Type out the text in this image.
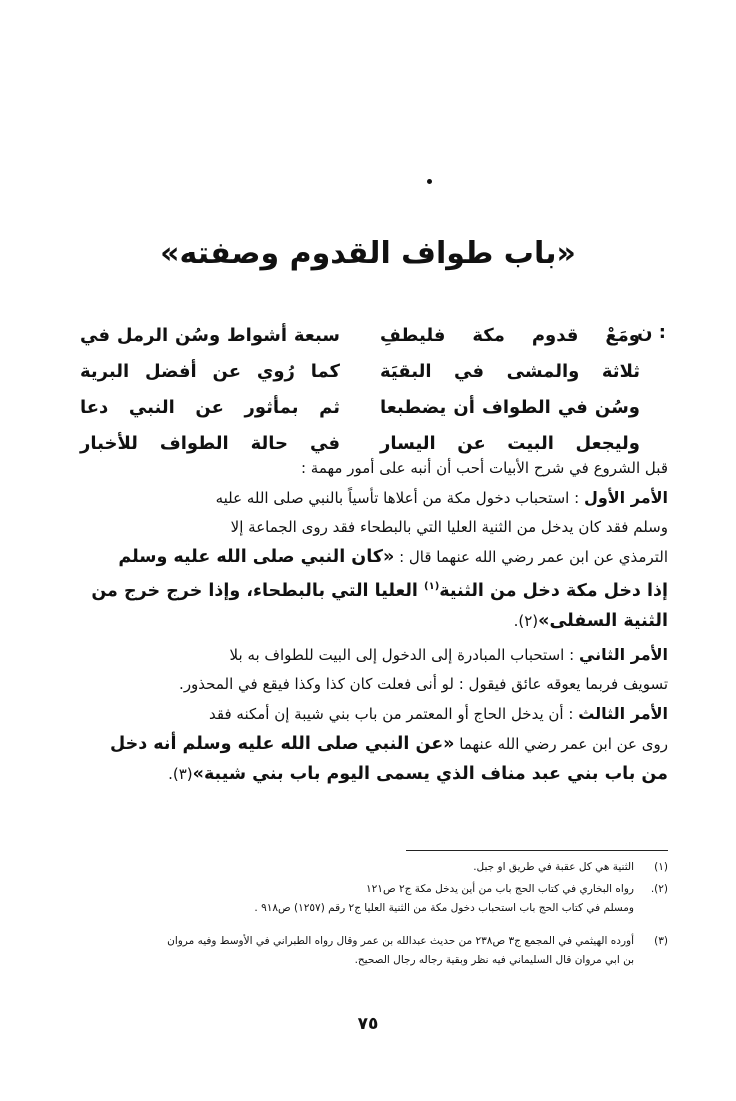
«باب طواف القدوم وصفته»
ن :
ومَعْ قدوم مكة فليطفِ
سبعة أشواط وسُن الرمل في
ثلاثة والمشى في البقيَة
كما رُوي عن أفضل البرية
وسُن في الطواف أن يضطبعا
ثم بمأثور عن النبي دعا
وليجعل البيت عن اليسار
في حالة الطواف للأخبار

قبل الشروع في شرح الأبيات أحب أن أنبه على أمور مهمة :

الأمر الأول : استحباب دخول مكة من أعلاها تأسياً بالنبي صلى الله عليه
وسلم فقد كان يدخل من الثنية العليا التي بالبطحاء فقد روى الجماعة إلا
الترمذي عن ابن عمر رضي الله عنهما قال : «كان النبي صلى الله عليه وسلم
إذا دخل مكة دخل من الثنية$^{(١)}$ العليا التي بالبطحاء، وإذا خرج خرج من
الثنية السفلى»(٢).
الأمر الثاني : استحباب المبادرة إلى الدخول إلى البيت للطواف به بلا
تسويف فربما يعوقه عائق فيقول : لو أنى فعلت كان كذا وكذا فيقع في المحذور.
الأمر الثالث : أن يدخل الحاج أو المعتمر من باب بني شيبة إن أمكنه فقد
روى عن ابن عمر رضي الله عنهما «عن النبي صلى الله عليه وسلم أنه دخل
من باب بني عبد مناف الذي يسمى اليوم باب بني شيبة»(٣).
(١)الثنية هي كل عقبة في طريق او جبل.
(٢).رواه البخاري في كتاب الحج باب من أين يدخل مكة ج٢ ص١٢١
ومسلم في كتاب الحج باب استحباب دخول مكة من الثنية العليا ج٢ رقم (١٢٥٧) ص٩١٨ .
(٣)أورده الهيثمي في المجمع ج٣ ص٢٣٨ من حديث عبدالله بن عمر وقال رواه الطبراني في الأوسط وفيه مروان
بن ابي مروان قال السليماني فيه نظر وبقية رجاله رجال الصحيح.
٧٥
